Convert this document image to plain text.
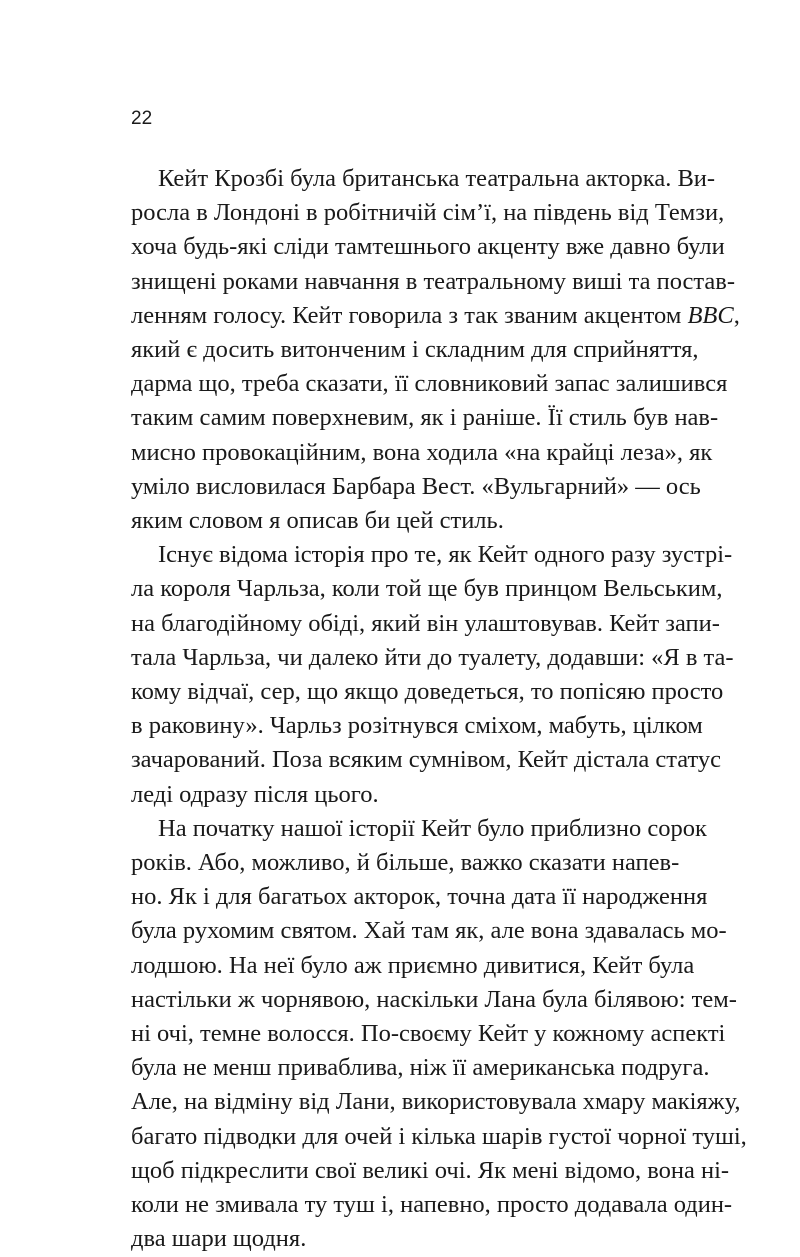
22
Кейт Крозбі була британська театральна акторка. Ви-
росла в Лондоні в робітничій сім’ї, на південь від Темзи,
хоча будь-які сліди тамтешнього акценту вже давно були
знищені роками навчання в театральному виші та постав-
ленням голосу. Кейт говорила з так званим акцентом BBC,
який є досить витонченим і складним для сприйняття,
дарма що, треба сказати, її словниковий запас залишився
таким самим поверхневим, як і раніше. Її стиль був нав-
мисно провокаційним, вона ходила «на крайці леза», як
уміло висловилася Барбара Вест. «Вульгарний» — ось
яким словом я описав би цей стиль.
Існує відома історія про те, як Кейт одного разу зустрі-
ла короля Чарльза, коли той ще був принцом Вельським,
на благодійному обіді, який він улаштовував. Кейт запи-
тала Чарльза, чи далеко йти до туалету, додавши: «Я в та-
кому відчаї, сер, що якщо доведеться, то попісяю просто
в раковину». Чарльз розітнувся сміхом, мабуть, цілком
зачарований. Поза всяким сумнівом, Кейт дістала статус
леді одразу після цього.
На початку нашої історії Кейт було приблизно сорок
років. Або, можливо, й більше, важко сказати напев-
но. Як і для багатьох акторок, точна дата її народження
була рухомим святом. Хай там як, але вона здавалась мо-
лодшою. На неї було аж приємно дивитися, Кейт була
настільки ж чорнявою, наскільки Лана була білявою: тем-
ні очі, темне волосся. По-своєму Кейт у кожному аспекті
була не менш приваблива, ніж її американська подруга.
Але, на відміну від Лани, використовувала хмару макіяжу,
багато підводки для очей і кілька шарів густої чорної туші,
щоб підкреслити свої великі очі. Як мені відомо, вона ні-
коли не змивала ту туш і, напевно, просто додавала один-
два шари щодня.
